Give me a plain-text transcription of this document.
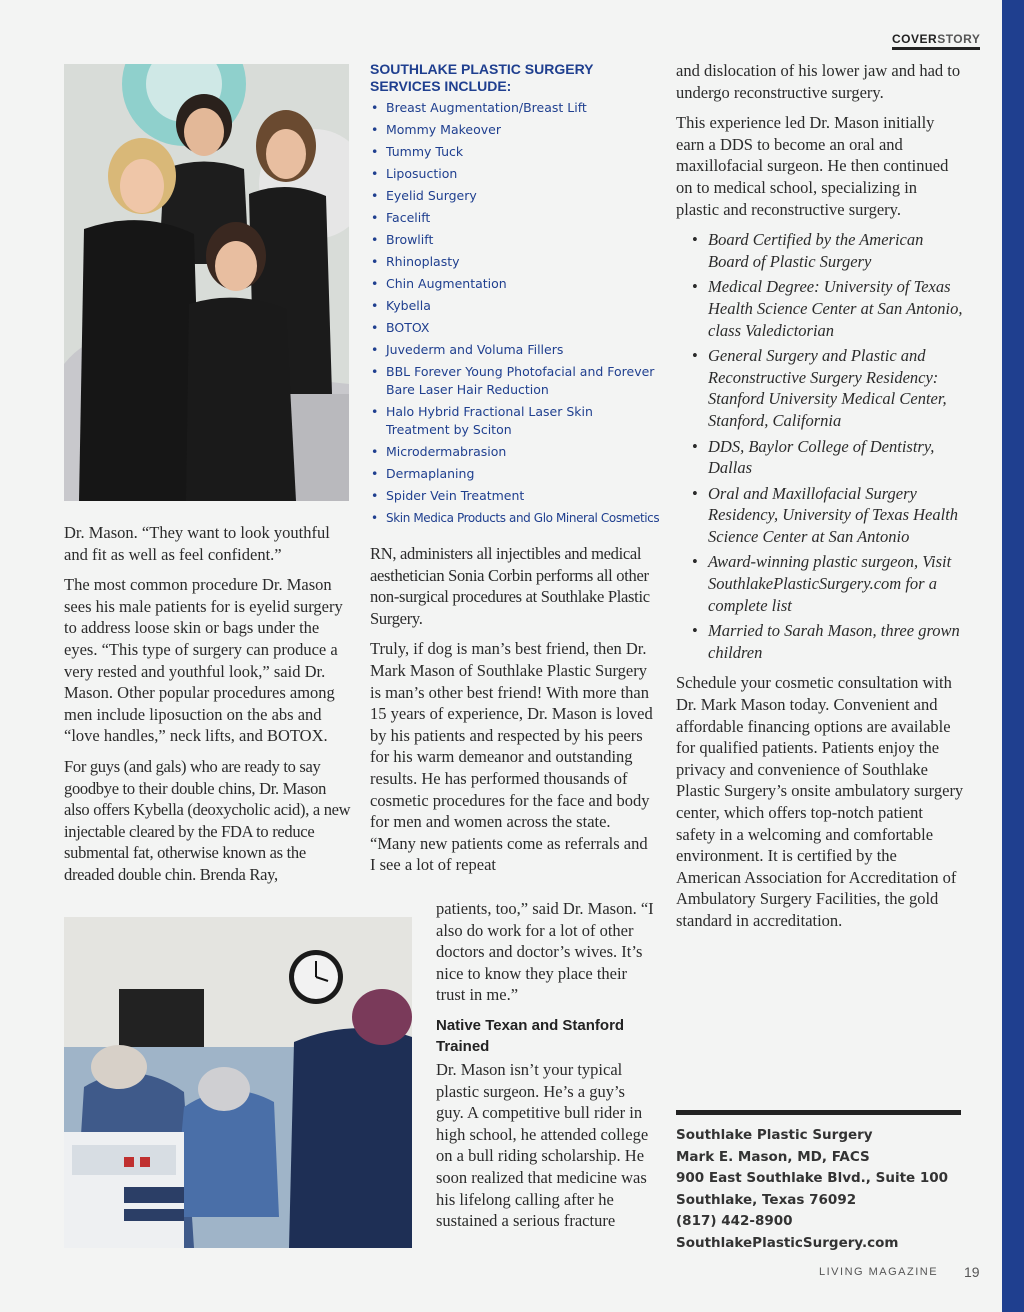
COVERSTORY

Dr. Mason. “They want to look youthful and fit as well as feel confident.”

The most common procedure Dr. Mason sees his male patients for is eyelid surgery to address loose skin or bags under the eyes. “This type of surgery can produce a very rested and youthful look,” said Dr. Mason. Other popular procedures among men include liposuction on the abs and “love handles,” neck lifts, and BOTOX.

For guys (and gals) who are ready to say goodbye to their double chins, Dr. Mason also offers Kybella (deoxycholic acid), a new injectable cleared by the FDA to reduce submental fat, otherwise known as the dreaded double chin. Brenda Ray,

SOUTHLAKE PLASTIC SURGERY SERVICES INCLUDE:
• Breast Augmentation/Breast Lift
• Mommy Makeover
• Tummy Tuck
• Liposuction
• Eyelid Surgery
• Facelift
• Browlift
• Rhinoplasty
• Chin Augmentation
• Kybella
• BOTOX
• Juvederm and Voluma Fillers
• BBL Forever Young Photofacial and Forever Bare Laser Hair Reduction
• Halo Hybrid Fractional Laser Skin Treatment by Sciton
• Microdermabrasion
• Dermaplaning
• Spider Vein Treatment
• Skin Medica Products and Glo Mineral Cosmetics

RN, administers all injectibles and medical aesthetician Sonia Corbin performs all other non-surgical procedures at Southlake Plastic Surgery.

Truly, if dog is man’s best friend, then Dr. Mark Mason of Southlake Plastic Surgery is man’s other best friend! With more than 15 years of experience, Dr. Mason is loved by his patients and respected by his peers for his warm demeanor and outstanding results. He has performed thousands of cosmetic procedures for the face and body for men and women across the state. “Many new patients come as referrals and I see a lot of repeat

patients, too,” said Dr. Mason. “I also do work for a lot of other doctors and doctor’s wives. It’s nice to know they place their trust in me.”

Native Texan and Stanford Trained

Dr. Mason isn’t your typical plastic surgeon. He’s a guy’s guy. A competitive bull rider in high school, he attended college on a bull riding scholarship. He soon realized that medicine was his lifelong calling after he sustained a serious fracture

and dislocation of his lower jaw and had to undergo reconstructive surgery.

This experience led Dr. Mason initially earn a DDS to become an oral and maxillofacial surgeon. He then continued on to medical school, specializing in plastic and reconstructive surgery.

• Board Certified by the American Board of Plastic Surgery
• Medical Degree: University of Texas Health Science Center at San Antonio, class Valedictorian
• General Surgery and Plastic and Reconstructive Surgery Residency: Stanford University Medical Center, Stanford, California
• DDS, Baylor College of Dentistry, Dallas
• Oral and Maxillofacial Surgery Residency, University of Texas Health Science Center at San Antonio
• Award-winning plastic surgeon, Visit SouthlakePlasticSurgery.com for a complete list
• Married to Sarah Mason, three grown children

Schedule your cosmetic consultation with Dr. Mark Mason today. Convenient and affordable financing options are available for qualified patients. Patients enjoy the privacy and convenience of Southlake Plastic Surgery’s onsite ambulatory surgery center, which offers top-notch patient safety in a welcoming and comfortable environment. It is certified by the American Association for Accreditation of Ambulatory Surgery Facilities, the gold standard in accreditation.

Southlake Plastic Surgery
Mark E. Mason, MD, FACS
900 East Southlake Blvd., Suite 100
Southlake, Texas 76092
(817) 442-8900
SouthlakePlasticSurgery.com
LIVING MAGAZINE 19
